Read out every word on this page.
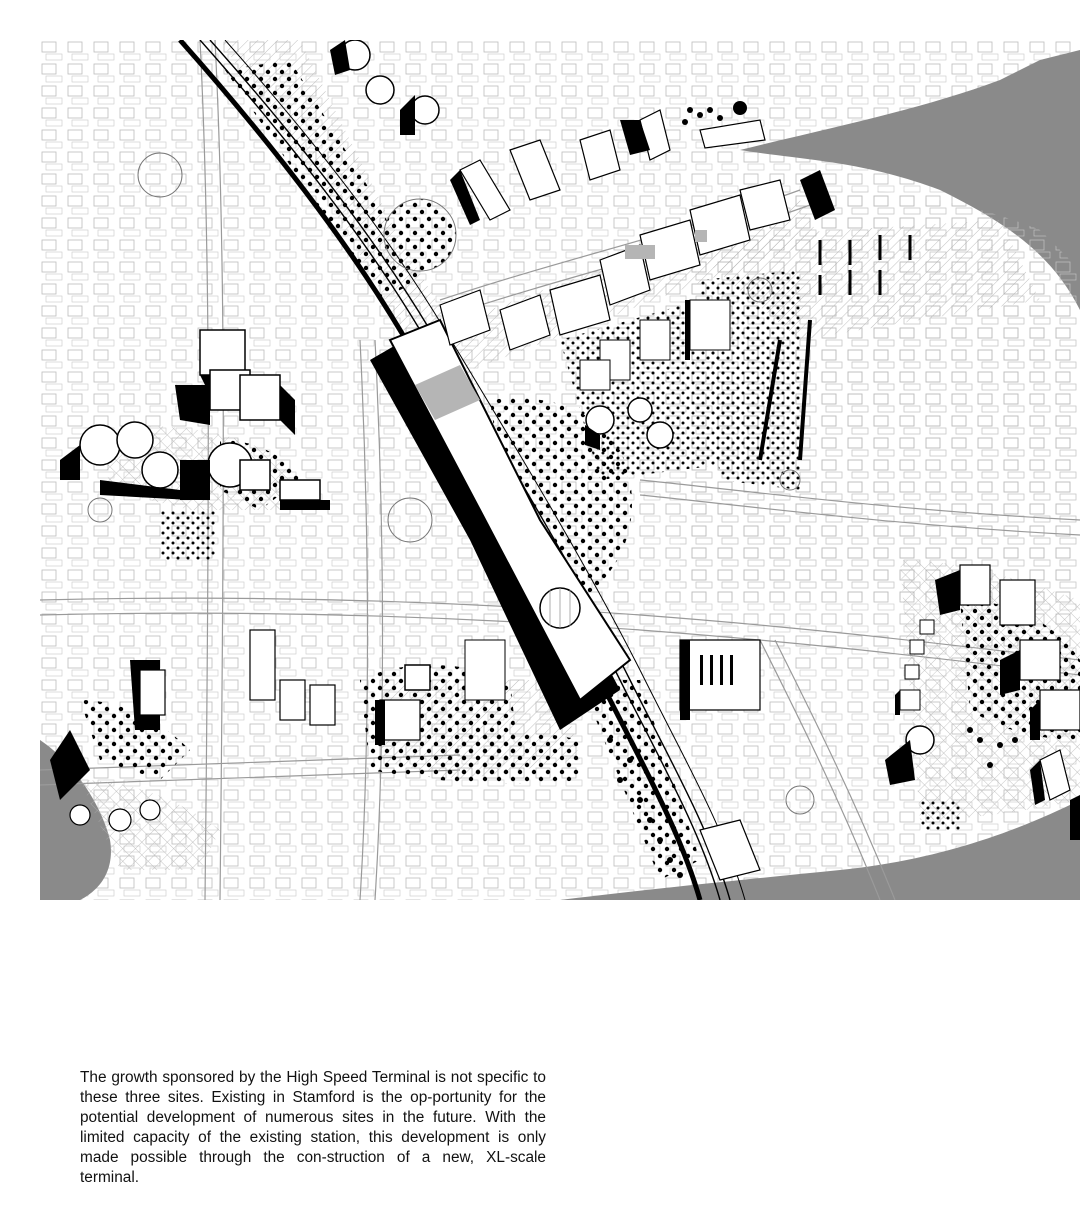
The growth sponsored by the High Speed Terminal is not specific to these three sites. Existing in Stamford is the op-portunity for the potential development of numerous sites in the future. With the limited capacity of the existing station, this development is only made possible through the con-struction of a new, XL-scale terminal.
